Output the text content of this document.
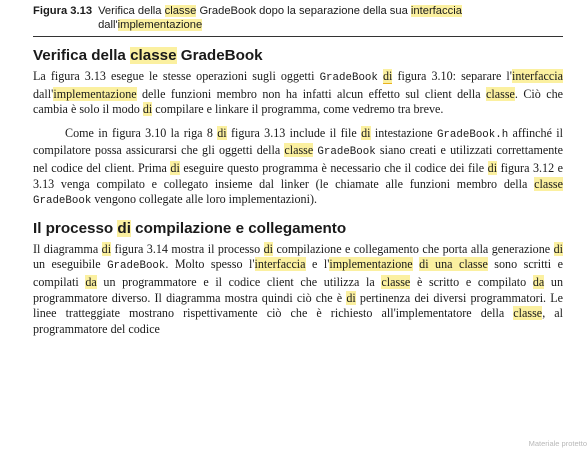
Figura 3.13 Verifica della classe GradeBook dopo la separazione della sua interfaccia dall'implementazione
Verifica della classe GradeBook

La figura 3.13 esegue le stesse operazioni sugli oggetti GradeBook di figura 3.10: separare l'interfaccia dall'implementazione delle funzioni membro non ha infatti alcun effetto sul client della classe. Ciò che cambia è solo il modo di compilare e linkare il programma, come vedremo tra breve.

Come in figura 3.10 la riga 8 di figura 3.13 include il file di intestazione GradeBook.h affinché il compilatore possa assicurarsi che gli oggetti della classe GradeBook siano creati e utilizzati correttamente nel codice del client. Prima di eseguire questo programma è necessario che il codice dei file di figura 3.12 e 3.13 venga compilato e collegato insieme dal linker (le chiamate alle funzioni membro della classe GradeBook vengono collegate alle loro implementazioni).

Il processo di compilazione e collegamento

Il diagramma di figura 3.14 mostra il processo di compilazione e collegamento che porta alla generazione di un eseguibile GradeBook. Molto spesso l'interfaccia e l'implementazione di una classe sono scritti e compilati da un programmatore e il codice client che utilizza la classe è scritto e compilato da un programmatore diverso. Il diagramma mostra quindi ciò che è di pertinenza dei diversi programmatori. Le linee tratteggiate mostrano rispettivamente ciò che è richiesto all'implementatore della classe, al programmatore del codice

Materiale protetto
